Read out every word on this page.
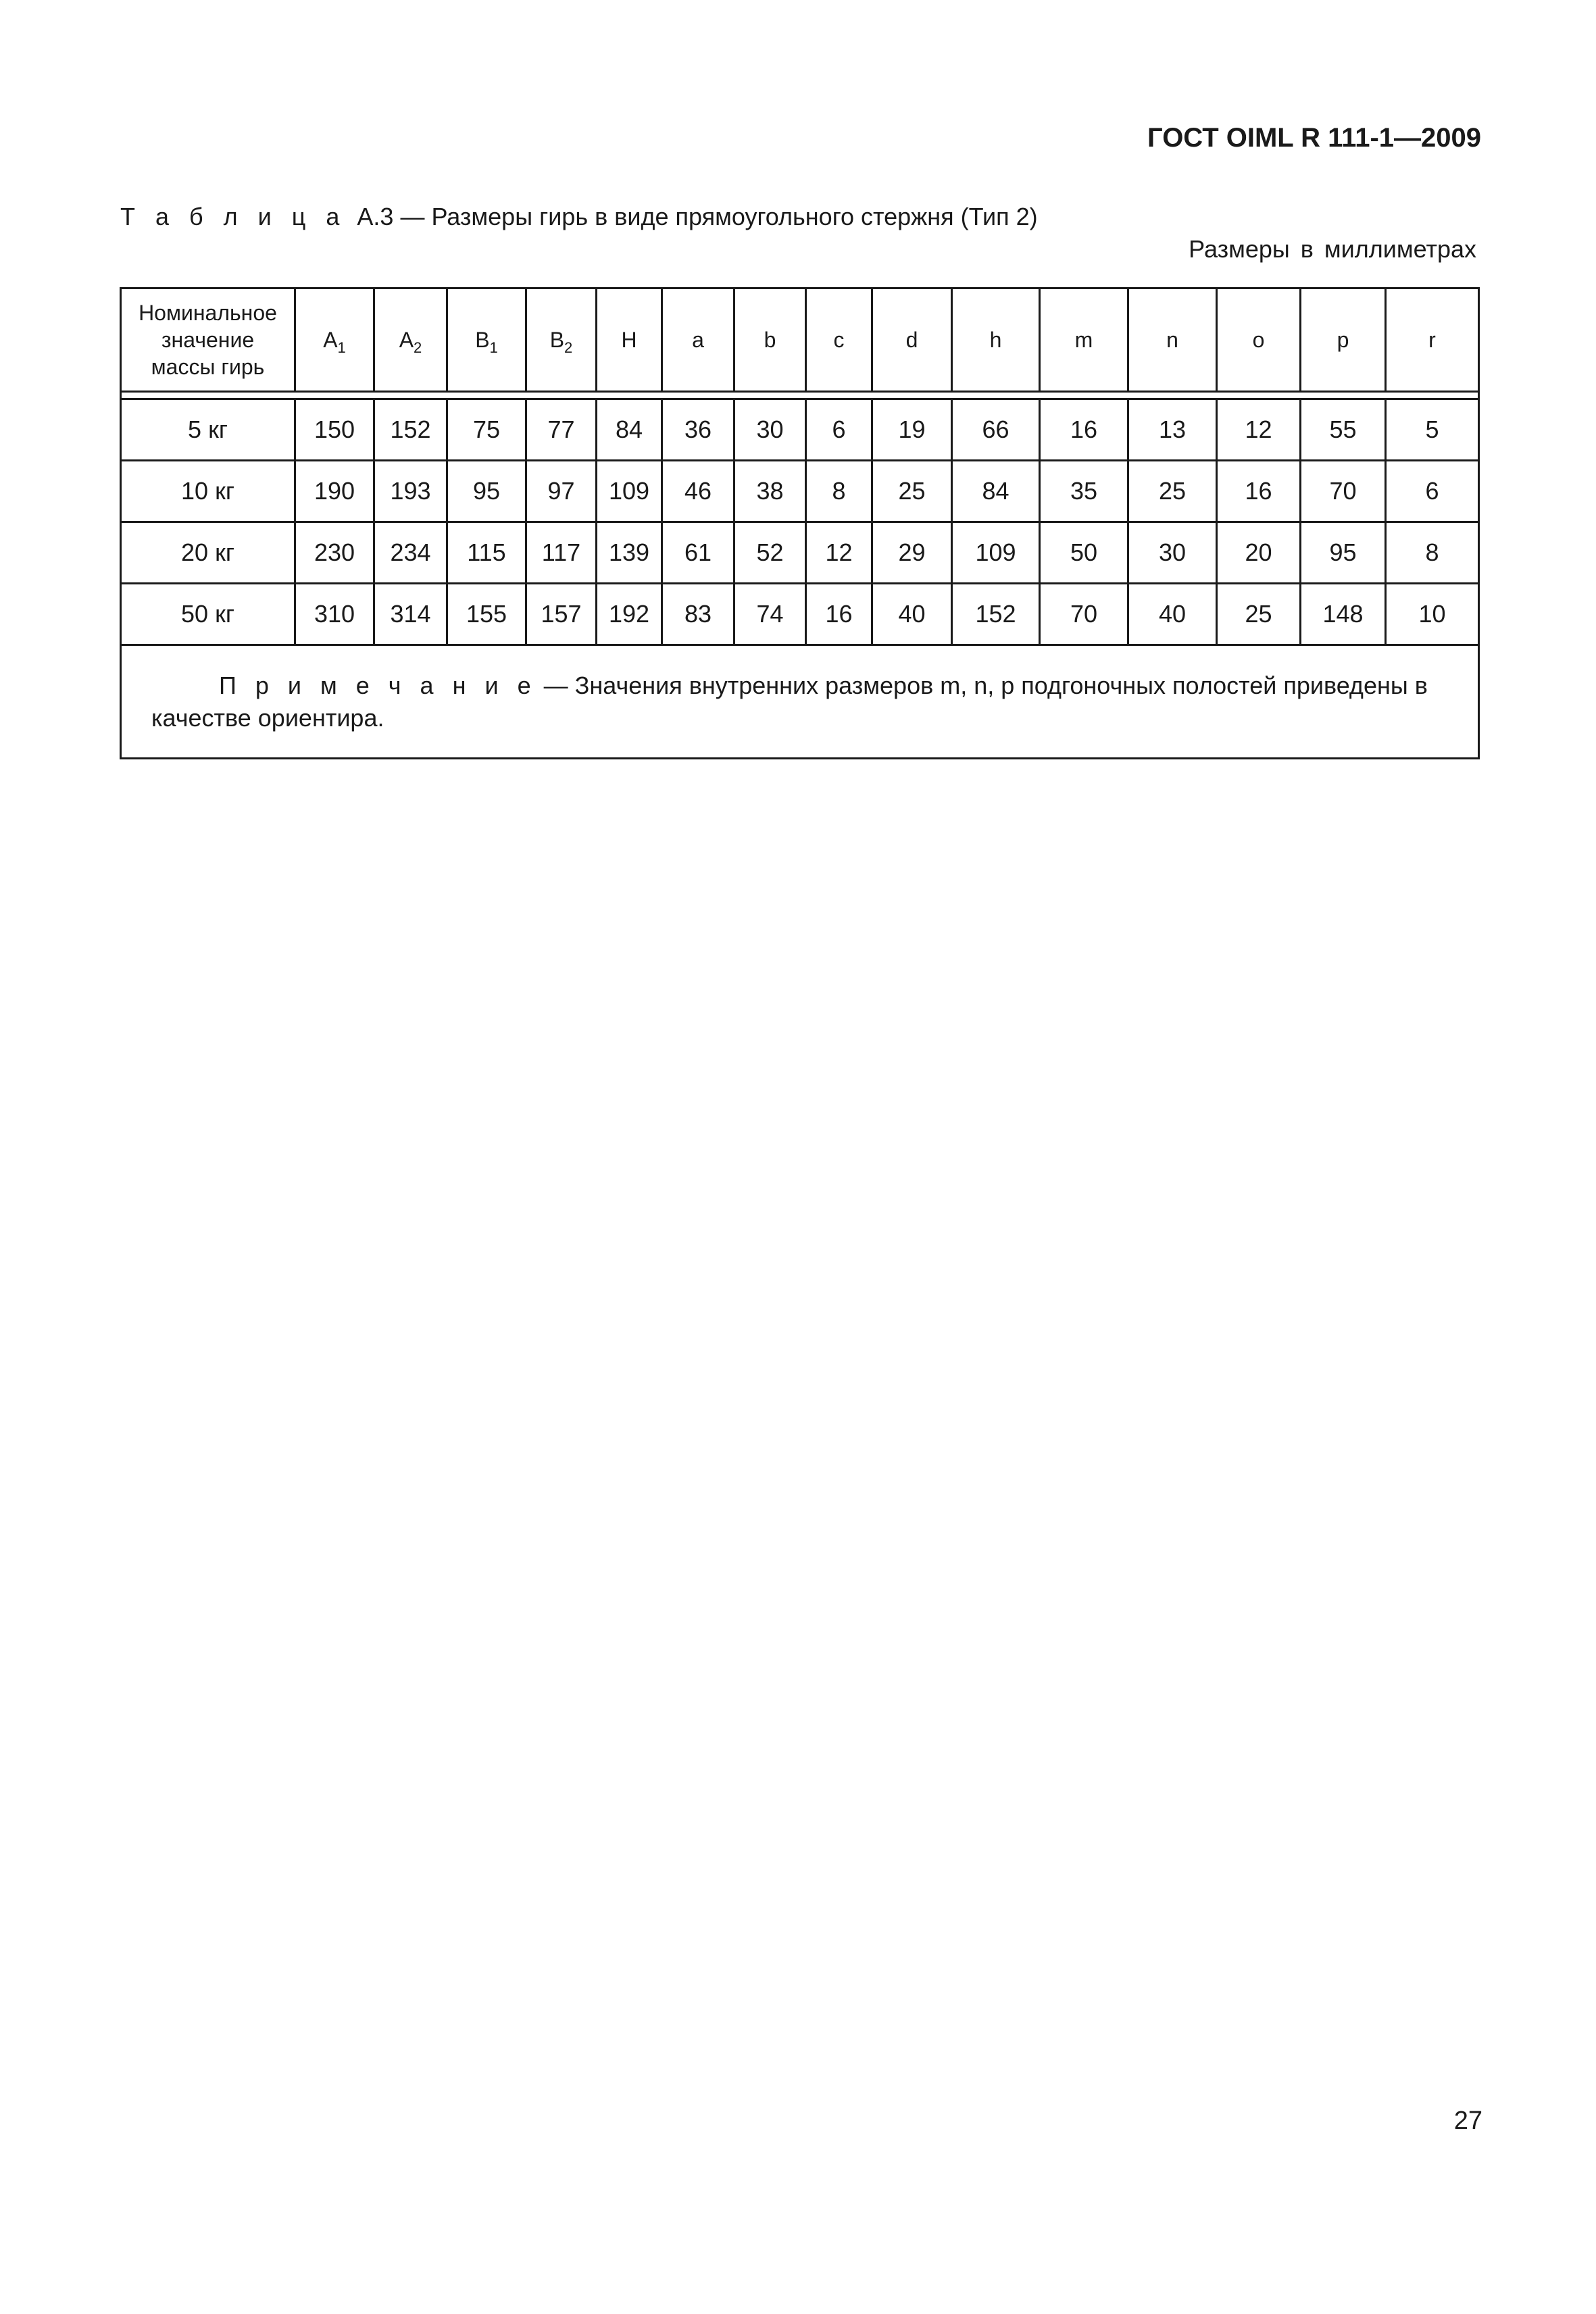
ГОСТ OIML R 111-1—2009
Т а б л и ц а А.3 — Размеры гирь в виде прямоугольного стержня (Тип 2)
Размеры в миллиметрах
Номинальное
значение
массы гирь	$A_1$	$A_2$	$B_1$	$B_2$	H	a	b	c	d	h	m	n	o	p	r

5 кг	150	152	75	77	84	36	30	6	19	66	16	13	12	55	5
10 кг	190	193	95	97	109	46	38	8	25	84	35	25	16	70	6
20 кг	230	234	115	117	139	61	52	12	29	109	50	30	20	95	8
50 кг	310	314	155	157	192	83	74	16	40	152	70	40	25	148	10
П р и м е ч а н и е — Значения внутренних размеров m, n, p подгоночных полостей приведены в качестве ориентира.															
27
